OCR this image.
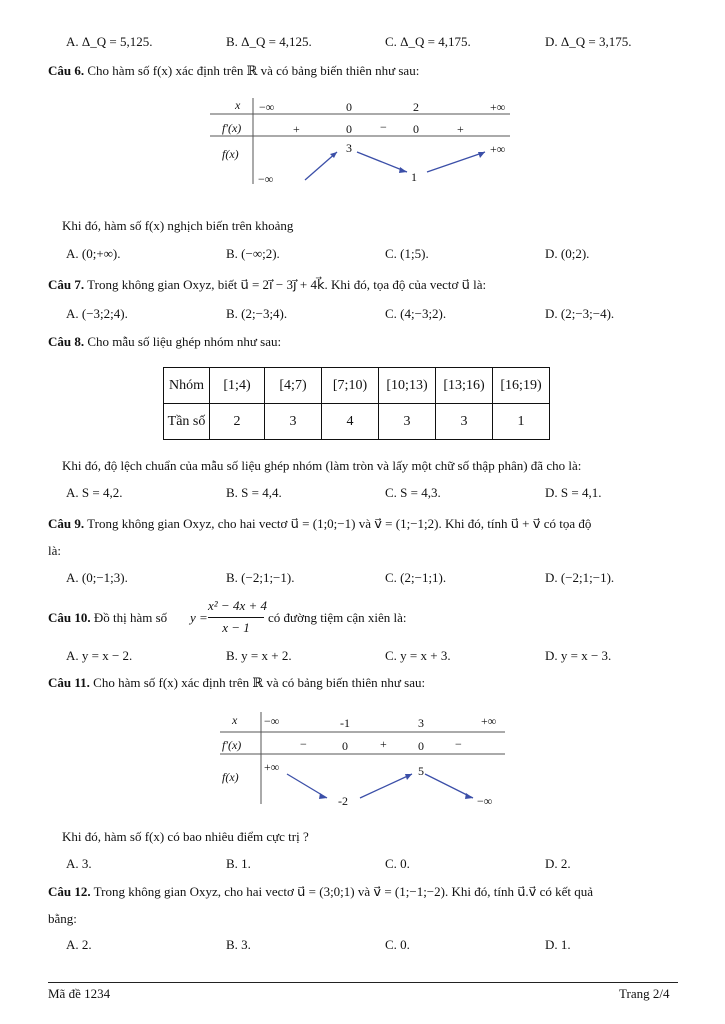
A. Δ_Q = 5,125.	B. Δ_Q = 4,125.	C. Δ_Q = 4,175.	D. Δ_Q = 3,175.
Câu 6. Cho hàm số f(x) xác định trên ℝ và có bảng biến thiên như sau:
x
f′(x)
f(x)
−∞	0	2	+∞
+	0 − 0	+
−∞
3
1
+∞
Khi đó, hàm số f(x) nghịch biến trên khoảng
A. (0;+∞).	B. (−∞;2).	C. (1;5).	D. (0;2).
Câu 7. Trong không gian Oxyz, biết u⃗ = 2i⃗ − 3j⃗ + 4k⃗. Khi đó, tọa độ của vectơ u⃗ là:
A. (−3;2;4).	B. (2;−3;4).	C. (4;−3;2).	D. (2;−3;−4).
Câu 8. Cho mẫu số liệu ghép nhóm như sau:
Nhóm	[1;4)	[4;7)	[7;10)	[10;13)	[13;16)	[16;19)
Tần số	2	3	4	3	3	1
Khi đó, độ lệch chuẩn của mẫu số liệu ghép nhóm (làm tròn và lấy một chữ số thập phân) đã cho là:
A. S = 4,2.	B. S = 4,4.	C. S = 4,3.	D. S = 4,1.
Câu 9. Trong không gian Oxyz, cho hai vectơ u⃗ = (1;0;−1) và v⃗ = (1;−1;2). Khi đó, tính u⃗ + v⃗ có tọa độ
là:
A. (0;−1;3).	B. (−2;1;−1).	C. (2;−1;1).	D. (−2;1;−1).
Câu 10. Đồ thị hàm số y =
x² − 4x + 4
x − 1
có đường tiệm cận xiên là:
A. y = x − 2.	B. y = x + 2.	C. y = x + 3.	D. y = x − 3.
Câu 11. Cho hàm số f(x) xác định trên ℝ và có bảng biến thiên như sau:
x
f′(x)
f(x)
−∞	-1	3	+∞
−	0	+	0	−
+∞
-2
5
−∞
Khi đó, hàm số f(x) có bao nhiêu điểm cực trị ?
A. 3.	B. 1.	C. 0.	D. 2.
Câu 12. Trong không gian Oxyz, cho hai vectơ u⃗ = (3;0;1) và v⃗ = (1;−1;−2). Khi đó, tính u⃗.v⃗ có kết quả
bằng:
A. 2.	B. 3.	C. 0.	D. 1.
Mã đề 1234	Trang 2/4
